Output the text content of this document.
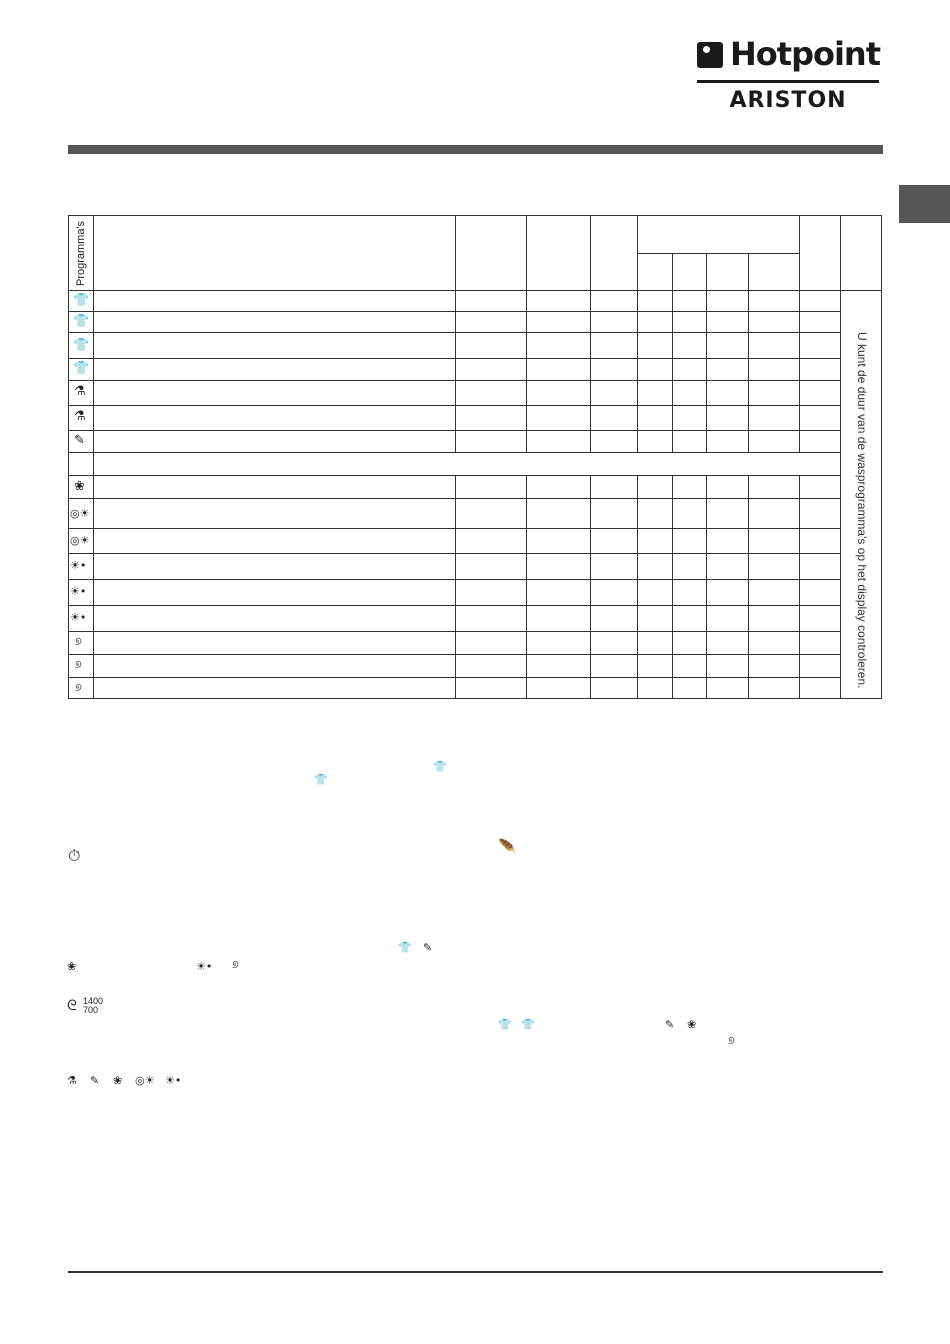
Hotpoint
ARISTON
Programma's
U kunt de duur van de wasprogramma's op het display controleren.
👕
👕
👕
👕
⚗
⚗
✎
❀
◎☀
◎☀
☀•
☀•
☀•
୭
୭
୭
👕
👕
⏱	🪶
👕 ✎
❀	☀• ୭
ᘓ 1400
700
👕 👕	✎ ❀
୭
⚗ ✎ ❀ ◎☀ ☀•
